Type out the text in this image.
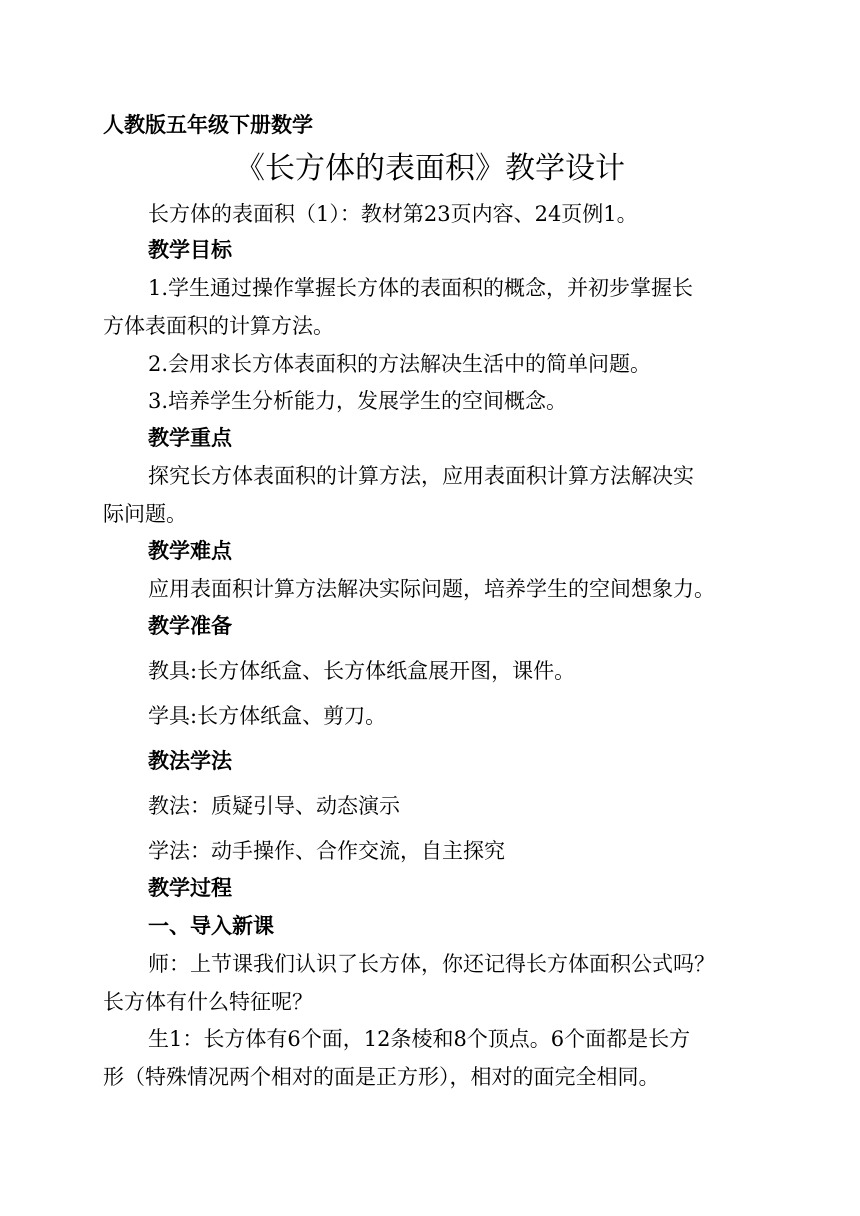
人教版五年级下册数学
《长方体的表面积》教学设计
长方体的表面积（1）：教材第23页内容、24页例1。
教学目标
1.学生通过操作掌握长方体的表面积的概念，并初步掌握长
方体表面积的计算方法。
2.会用求长方体表面积的方法解决生活中的简单问题。
3.培养学生分析能力，发展学生的空间概念。
教学重点
探究长方体表面积的计算方法，应用表面积计算方法解决实
际问题。
教学难点
应用表面积计算方法解决实际问题，培养学生的空间想象力。
教学准备
教具:长方体纸盒、长方体纸盒展开图，课件。
学具:长方体纸盒、剪刀。
教法学法
教法：质疑引导、动态演示
学法：动手操作、合作交流，自主探究
教学过程
一、导入新课
师：上节课我们认识了长方体，你还记得长方体面积公式吗？
长方体有什么特征呢？
生1：长方体有6个面，12条棱和8个顶点。6个面都是长方
形（特殊情况两个相对的面是正方形），相对的面完全相同。
